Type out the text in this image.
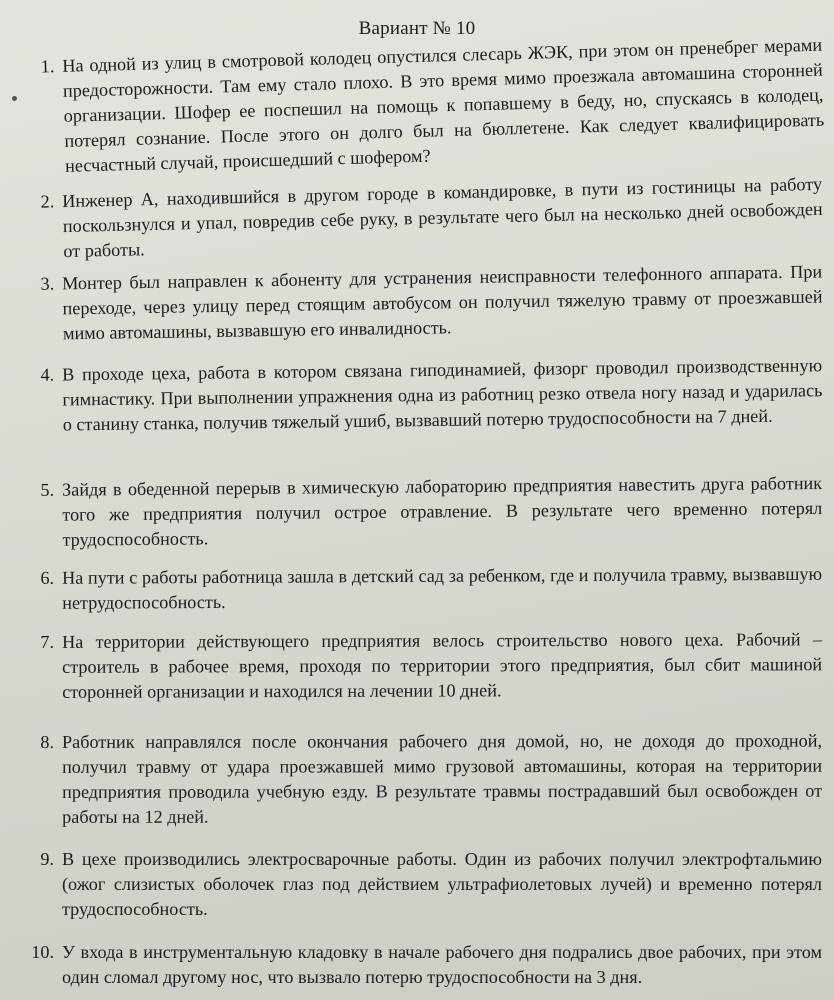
Вариант № 10
1. На одной из улиц в смотровой колодец опустился слесарь ЖЭК, при этом он пренебрег мерами предосторожности. Там ему стало плохо. В это время мимо проезжала автомашина сторонней организации. Шофер ее поспешил на помощь к попавшему в беду, но, спускаясь в колодец, потерял сознание. После этого он долго был на бюллетене. Как следует квалифицировать несчастный случай, происшедший с шофером?
2. Инженер А, находившийся в другом городе в командировке, в пути из гостиницы на работу поскользнулся и упал, повредив себе руку, в результате чего был на несколько дней освобожден от работы.
3. Монтер был направлен к абоненту для устранения неисправности телефонного аппарата. При переходе, через улицу перед стоящим автобусом он получил тяжелую травму от проезжавшей мимо автомашины, вызвавшую его инвалидность.
4. В проходе цеха, работа в котором связана гиподинамией, физорг проводил производственную гимнастику. При выполнении упражнения одна из работниц резко отвела ногу назад и ударилась о станину станка, получив тяжелый ушиб, вызвавший потерю трудоспособности на 7 дней.
5. Зайдя в обеденной перерыв в химическую лабораторию предприятия навестить друга работник того же предприятия получил острое отравление. В результате чего временно потерял трудоспособность.
6. На пути с работы работница зашла в детский сад за ребенком, где и получила травму, вызвавшую нетрудоспособность.
7. На территории действующего предприятия велось строительство нового цеха. Рабочий – строитель в рабочее время, проходя по территории этого предприятия, был сбит машиной сторонней организации и находился на лечении 10 дней.
8. Работник направлялся после окончания рабочего дня домой, но, не доходя до проходной, получил травму от удара проезжавшей мимо грузовой автомашины, которая на территории предприятия проводила учебную езду. В результате травмы пострадавший был освобожден от работы на 12 дней.
9. В цехе производились электросварочные работы. Один из рабочих получил электрофтальмию (ожог слизистых оболочек глаз под действием ультрафиолетовых лучей) и временно потерял трудоспособность.
10. У входа в инструментальную кладовку в начале рабочего дня подрались двое рабочих, при этом один сломал другому нос, что вызвало потерю трудоспособности на 3 дня.
